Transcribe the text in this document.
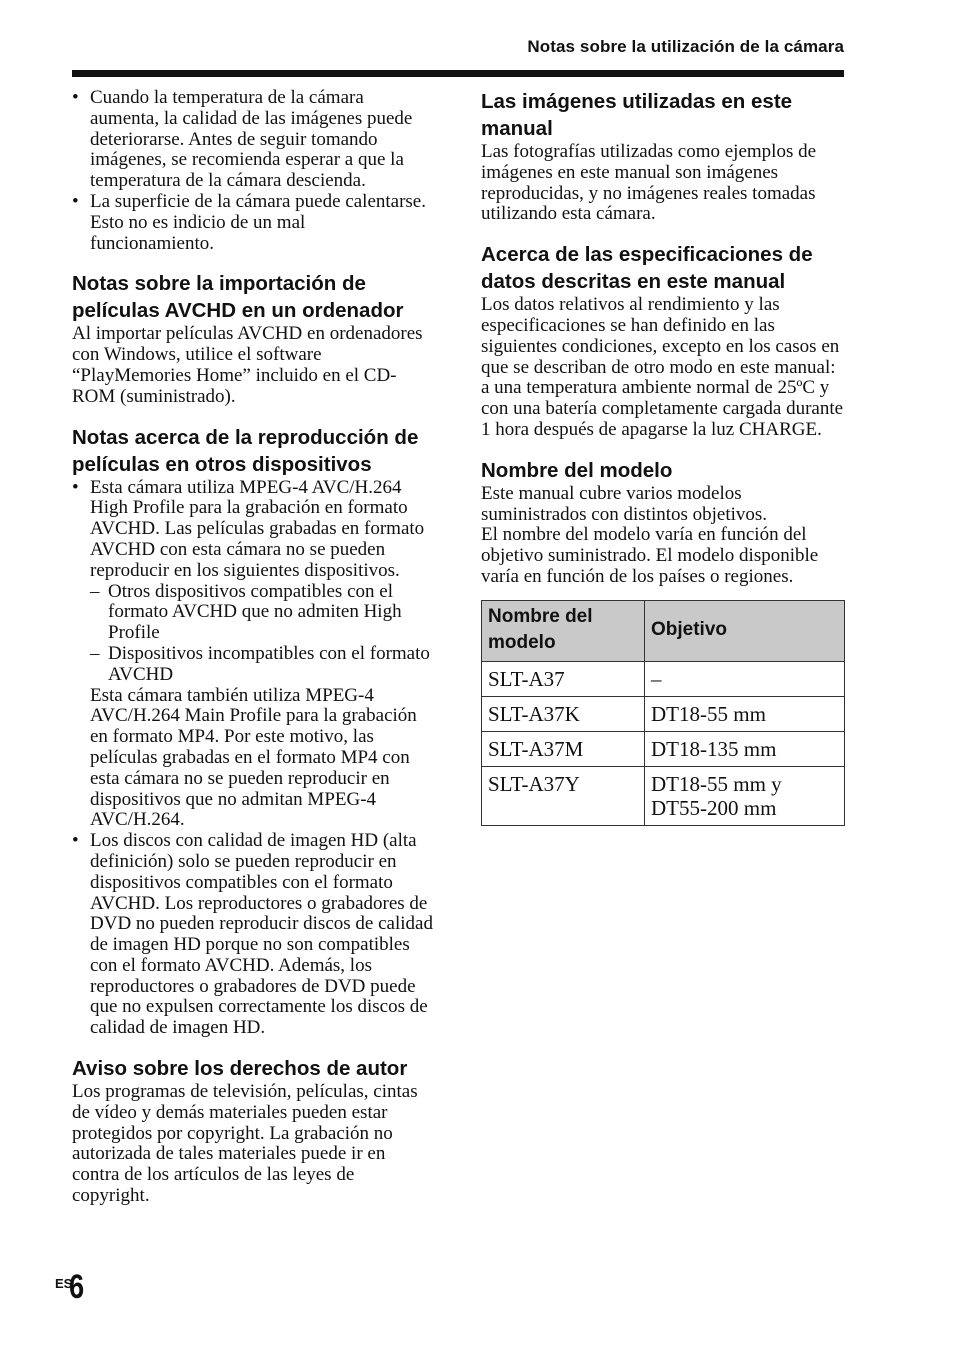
Notas sobre la utilización de la cámara
• Cuando la temperatura de la cámara aumenta, la calidad de las imágenes puede deteriorarse. Antes de seguir tomando imágenes, se recomienda esperar a que la temperatura de la cámara descienda.
• La superficie de la cámara puede calentarse. Esto no es indicio de un mal funcionamiento.
Notas sobre la importación de películas AVCHD en un ordenador

Al importar películas AVCHD en ordenadores con Windows, utilice el software “PlayMemories Home” incluido en el CD-ROM (suministrado).

Notas acerca de la reproducción de películas en otros dispositivos
• Esta cámara utiliza MPEG-4 AVC/H.264 High Profile para la grabación en formato AVCHD. Las películas grabadas en formato AVCHD con esta cámara no se pueden reproducir en los siguientes dispositivos.
– Otros dispositivos compatibles con el formato AVCHD que no admiten High Profile
– Dispositivos incompatibles con el formato AVCHD
Esta cámara también utiliza MPEG-4 AVC/H.264 Main Profile para la grabación en formato MP4. Por este motivo, las películas grabadas en el formato MP4 con esta cámara no se pueden reproducir en dispositivos que no admitan MPEG-4 AVC/H.264.
• Los discos con calidad de imagen HD (alta definición) solo se pueden reproducir en dispositivos compatibles con el formato AVCHD. Los reproductores o grabadores de DVD no pueden reproducir discos de calidad de imagen HD porque no son compatibles con el formato AVCHD. Además, los reproductores o grabadores de DVD puede que no expulsen correctamente los discos de calidad de imagen HD.
Aviso sobre los derechos de autor

Los programas de televisión, películas, cintas de vídeo y demás materiales pueden estar protegidos por copyright. La grabación no autorizada de tales materiales puede ir en contra de los artículos de las leyes de copyright.

Las imágenes utilizadas en este manual

Las fotografías utilizadas como ejemplos de imágenes en este manual son imágenes reproducidas, y no imágenes reales tomadas utilizando esta cámara.

Acerca de las especificaciones de datos descritas en este manual

Los datos relativos al rendimiento y las especificaciones se han definido en las siguientes condiciones, excepto en los casos en que se describan de otro modo en este manual: a una temperatura ambiente normal de 25ºC y con una batería completamente cargada durante 1 hora después de apagarse la luz CHARGE.

Nombre del modelo

Este manual cubre varios modelos suministrados con distintos objetivos.

El nombre del modelo varía en función del objetivo suministrado. El modelo disponible varía en función de los países o regiones.

Nombre del modelo	Objetivo
SLT-A37	–
SLT-A37K	DT18-55 mm
SLT-A37M	DT18-135 mm
SLT-A37Y	DT18-55 mm y DT55-200 mm
ES
6
